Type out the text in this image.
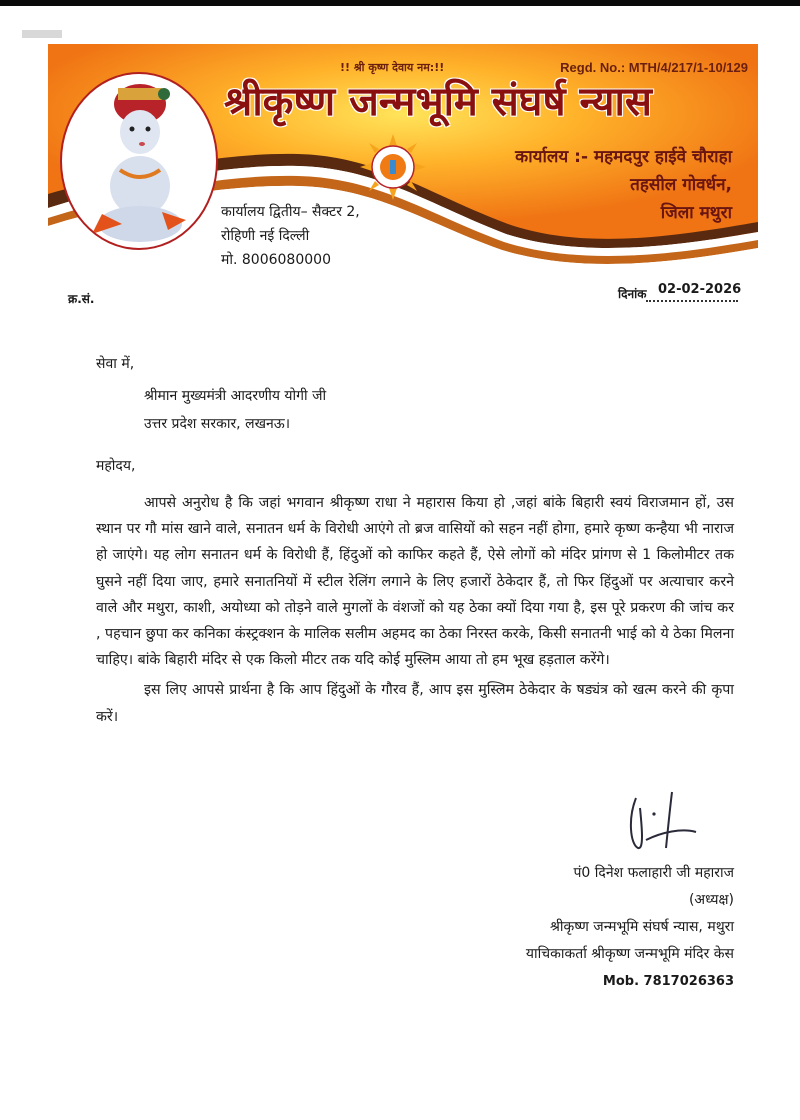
!! श्री कृष्ण देवाय नम:!!	Regd. No.: MTH/4/217/1-10/129
श्रीकृष्ण जन्मभूमि संघर्ष न्यास
कार्यालय :- महमदपुर हाईवे चौराहा
तहसील गोवर्धन,
जिला मथुरा
कार्यालय द्वितीय– सैक्टर 2,
रोहिणी नई दिल्ली
मो. 8006080000
क्र.सं.	दिनांक 02-02-2026
सेवा में,
श्रीमान मुख्यमंत्री आदरणीय योगी जी
उत्तर प्रदेश सरकार, लखनऊ।
महोदय,

आपसे अनुरोध है कि जहां भगवान श्रीकृष्ण राधा ने महारास किया हो ,जहां बांके बिहारी स्वयं विराजमान हों, उस स्थान पर गौ मांस खाने वाले, सनातन धर्म के विरोधी आएंगे तो ब्रज वासियों को सहन नहीं होगा, हमारे कृष्ण कन्हैया भी नाराज हो जाएंगे। यह लोग सनातन धर्म के विरोधी हैं, हिंदुओं को काफिर कहते हैं, ऐसे लोगों को मंदिर प्रांगण से 1 किलोमीटर तक घुसने नहीं दिया जाए, हमारे सनातनियों में स्टील रेलिंग लगाने के लिए हजारों ठेकेदार हैं, तो फिर हिंदुओं पर अत्याचार करने वाले और मथुरा, काशी, अयोध्या को तोड़ने वाले मुगलों के वंशजों को यह ठेका क्यों दिया गया है, इस पूरे प्रकरण की जांच कर , पहचान छुपा कर कनिका कंस्ट्रक्शन के मालिक सलीम अहमद का ठेका निरस्त करके, किसी सनातनी भाई को ये ठेका मिलना चाहिए। बांके बिहारी मंदिर से एक किलो मीटर तक यदि कोई मुस्लिम आया तो हम भूख हड़ताल करेंगे।

इस लिए आपसे प्रार्थना है कि आप हिंदुओं के गौरव हैं, आप इस मुस्लिम ठेकेदार के षड्यंत्र को खत्म करने की कृपा करें।

पं0 दिनेश फलाहारी जी महाराज
(अध्यक्ष)
श्रीकृष्ण जन्मभूमि संघर्ष न्यास, मथुरा
याचिकाकर्ता श्रीकृष्ण जन्मभूमि मंदिर केस
Mob. 7817026363
